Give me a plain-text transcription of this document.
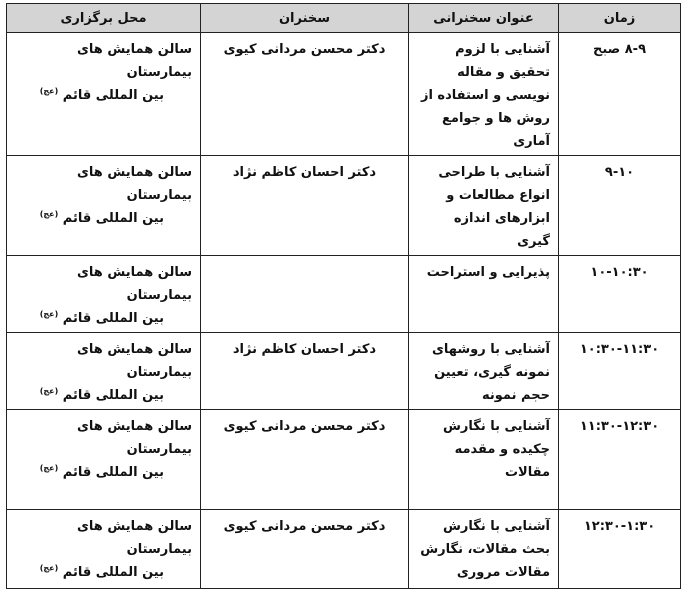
زمان	عنوان سخنرانی	سخنران	محل برگزاری
۸-۹ صبح	آشنایی با لزوم تحقیق و مقاله نویسی و استفاده از روش ها و جوامع آماری	دکتر محسن مردانی کیوی	سالن همایش های بیمارستان
بین المللی قائم $^{(عج)}$

۹-۱۰	آشنایی با طراحی انواع مطالعات و ابزارهای اندازه گیری	دکتر احسان کاظم نژاد	سالن همایش های بیمارستان
بین المللی قائم $^{(عج)}$

۱۰-۱۰:۳۰	پذیرایی و استراحت		سالن همایش های بیمارستان
بین المللی قائم $^{(عج)}$

۱۰:۳۰-۱۱:۳۰	آشنایی با روشهای نمونه گیری، تعیین حجم نمونه	دکتر احسان کاظم نژاد	سالن همایش های بیمارستان
بین المللی قائم $^{(عج)}$

۱۱:۳۰-۱۲:۳۰	آشنایی با نگارش چکیده و مقدمه مقالات	دکتر محسن مردانی کیوی	سالن همایش های بیمارستان
بین المللی قائم $^{(عج)}$

۱۲:۳۰-۱:۳۰	آشنایی با نگارش بحث مقالات، نگارش مقالات مروری	دکتر محسن مردانی کیوی	سالن همایش های بیمارستان
بین المللی قائم $^{(عج)}$
